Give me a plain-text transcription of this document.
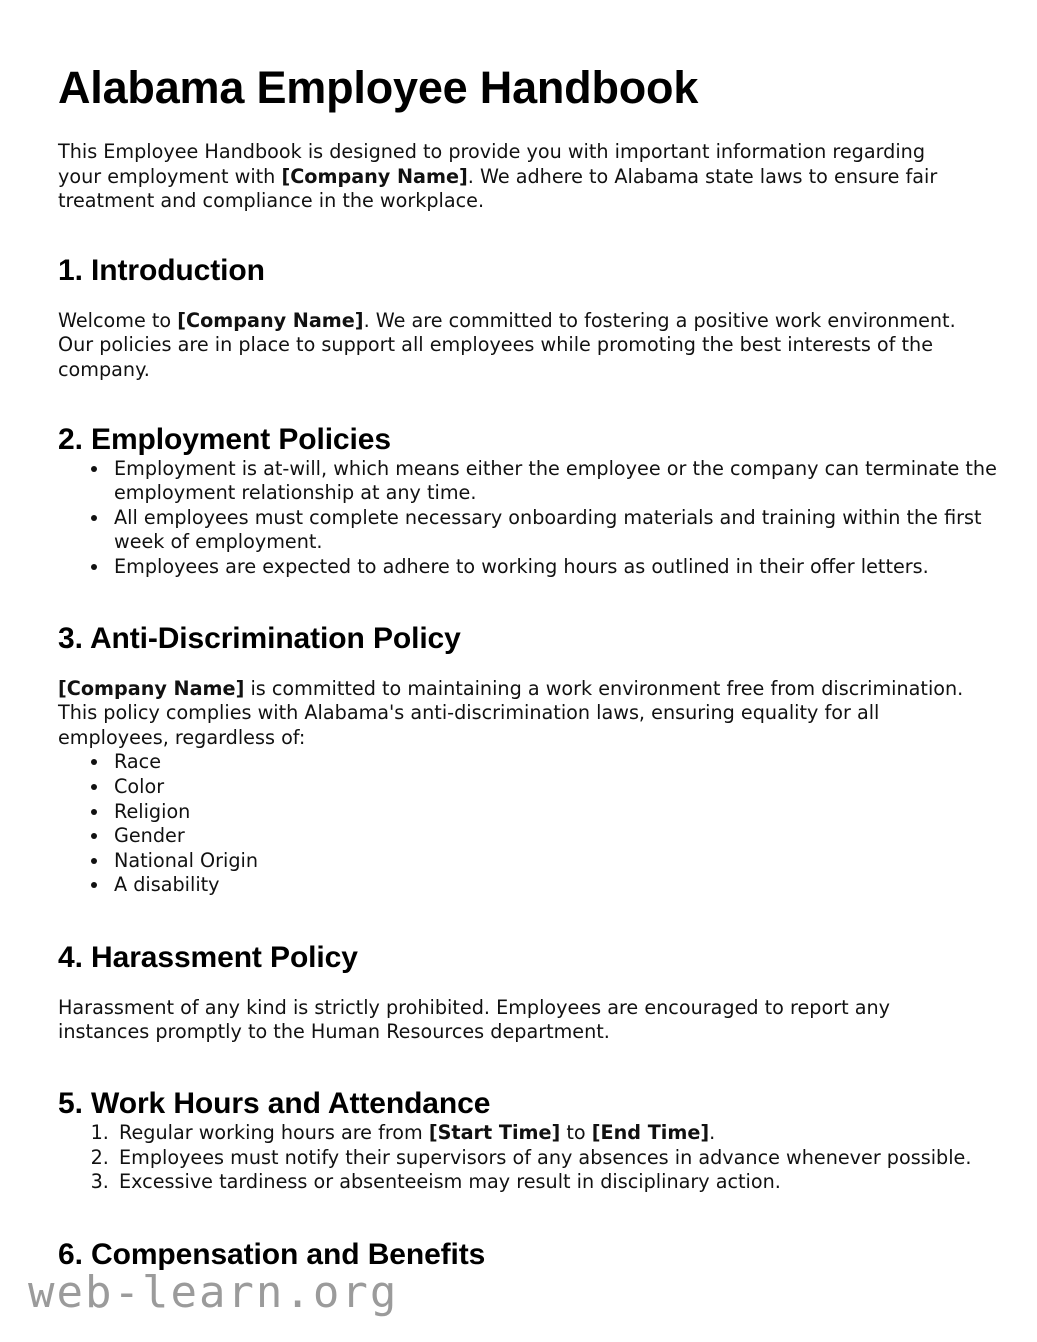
Alabama Employee Handbook

This Employee Handbook is designed to provide you with important information regarding your employment with [Company Name]. We adhere to Alabama state laws to ensure fair treatment and compliance in the workplace.

1. Introduction

Welcome to [Company Name]. We are committed to fostering a positive work environment. Our policies are in place to support all employees while promoting the best interests of the company.

2. Employment Policies
• Employment is at-will, which means either the employee or the company can terminate the employment relationship at any time.
• All employees must complete necessary onboarding materials and training within the first week of employment.
• Employees are expected to adhere to working hours as outlined in their offer letters.
3. Anti-Discrimination Policy

[Company Name] is committed to maintaining a work environment free from discrimination. This policy complies with Alabama's anti-discrimination laws, ensuring equality for all employees, regardless of:

• Race
• Color
• Religion
• Gender
• National Origin
• A disability
4. Harassment Policy

Harassment of any kind is strictly prohibited. Employees are encouraged to report any instances promptly to the Human Resources department.

5. Work Hours and Attendance
1. Regular working hours are from [Start Time] to [End Time].
2. Employees must notify their supervisors of any absences in advance whenever possible.
3. Excessive tardiness or absenteeism may result in disciplinary action.
6. Compensation and Benefits
web-learn.org
